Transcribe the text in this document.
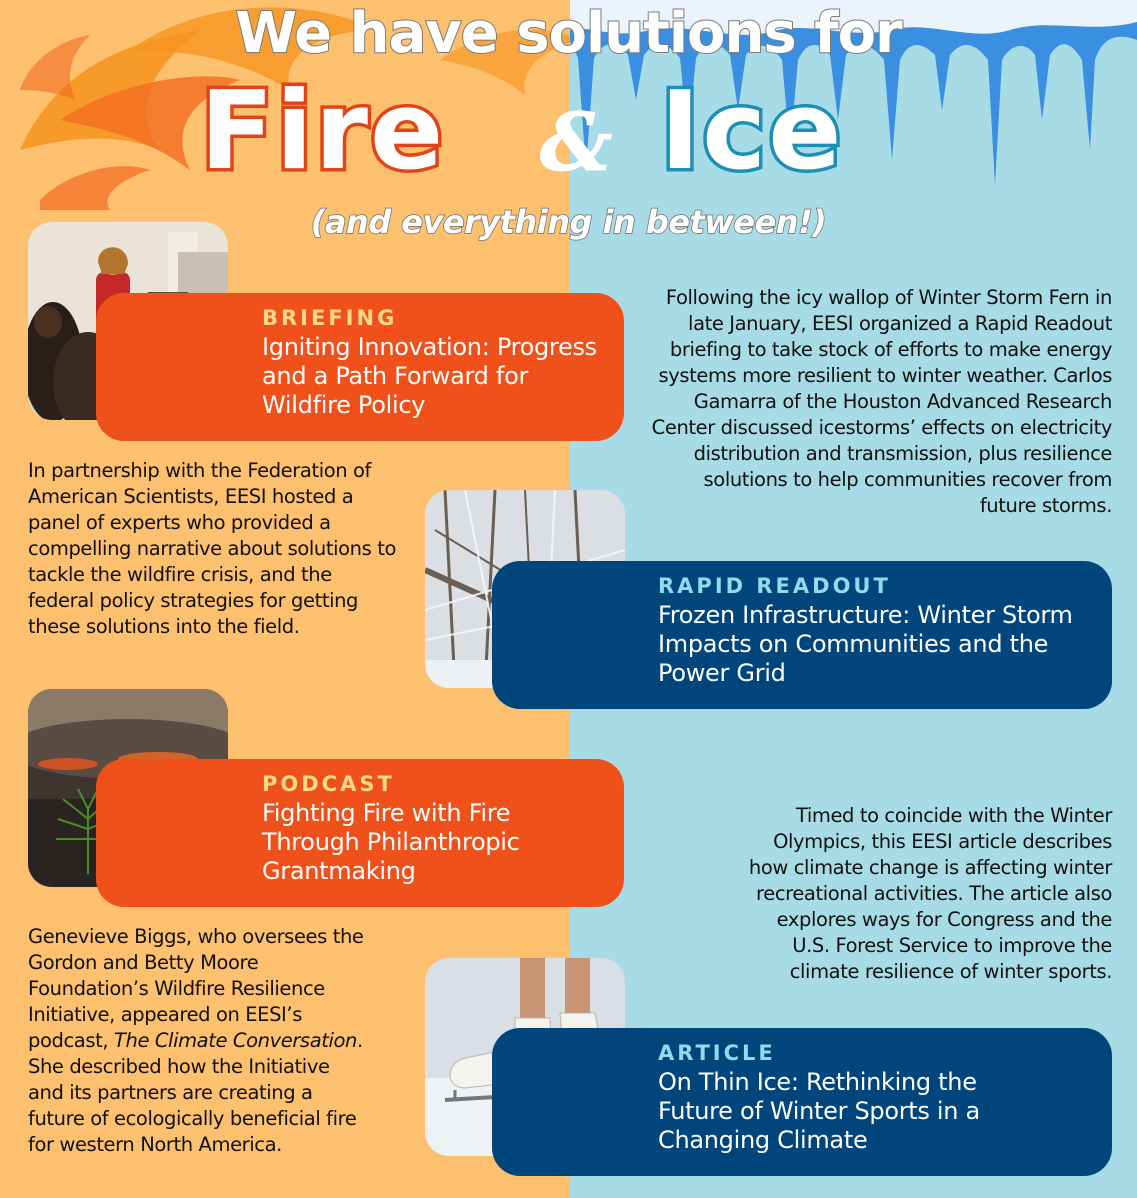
We have solutions for
Fire & Ice
(and everything in between!)
BRIEFING
Igniting Innovation: Progress and a Path Forward for Wildfire Policy
In partnership with the Federation of American Scientists, EESI hosted a panel of experts who provided a compelling narrative about solutions to tackle the wildfire crisis, and the federal policy strategies for getting these solutions into the field.
Following the icy wallop of Winter Storm Fern in late January, EESI organized a Rapid Readout briefing to take stock of efforts to make energy systems more resilient to winter weather. Carlos Gamarra of the Houston Advanced Research Center discussed icestorms’ effects on electricity distribution and transmission, plus resilience solutions to help communities recover from future storms.
RAPID READOUT
Frozen Infrastructure: Winter Storm Impacts on Communities and the Power Grid
PODCAST
Fighting Fire with Fire Through Philanthropic Grantmaking
Timed to coincide with the Winter Olympics, this EESI article describes how climate change is affecting winter recreational activities. The article also explores ways for Congress and the U.S. Forest Service to improve the climate resilience of winter sports.
Genevieve Biggs, who oversees the Gordon and Betty Moore Foundation’s Wildfire Resilience Initiative, appeared on EESI’s podcast, The Climate Conversation. She described how the Initiative and its partners are creating a future of ecologically beneficial fire for western North America.
ARTICLE
On Thin Ice: Rethinking the Future of Winter Sports in a Changing Climate
